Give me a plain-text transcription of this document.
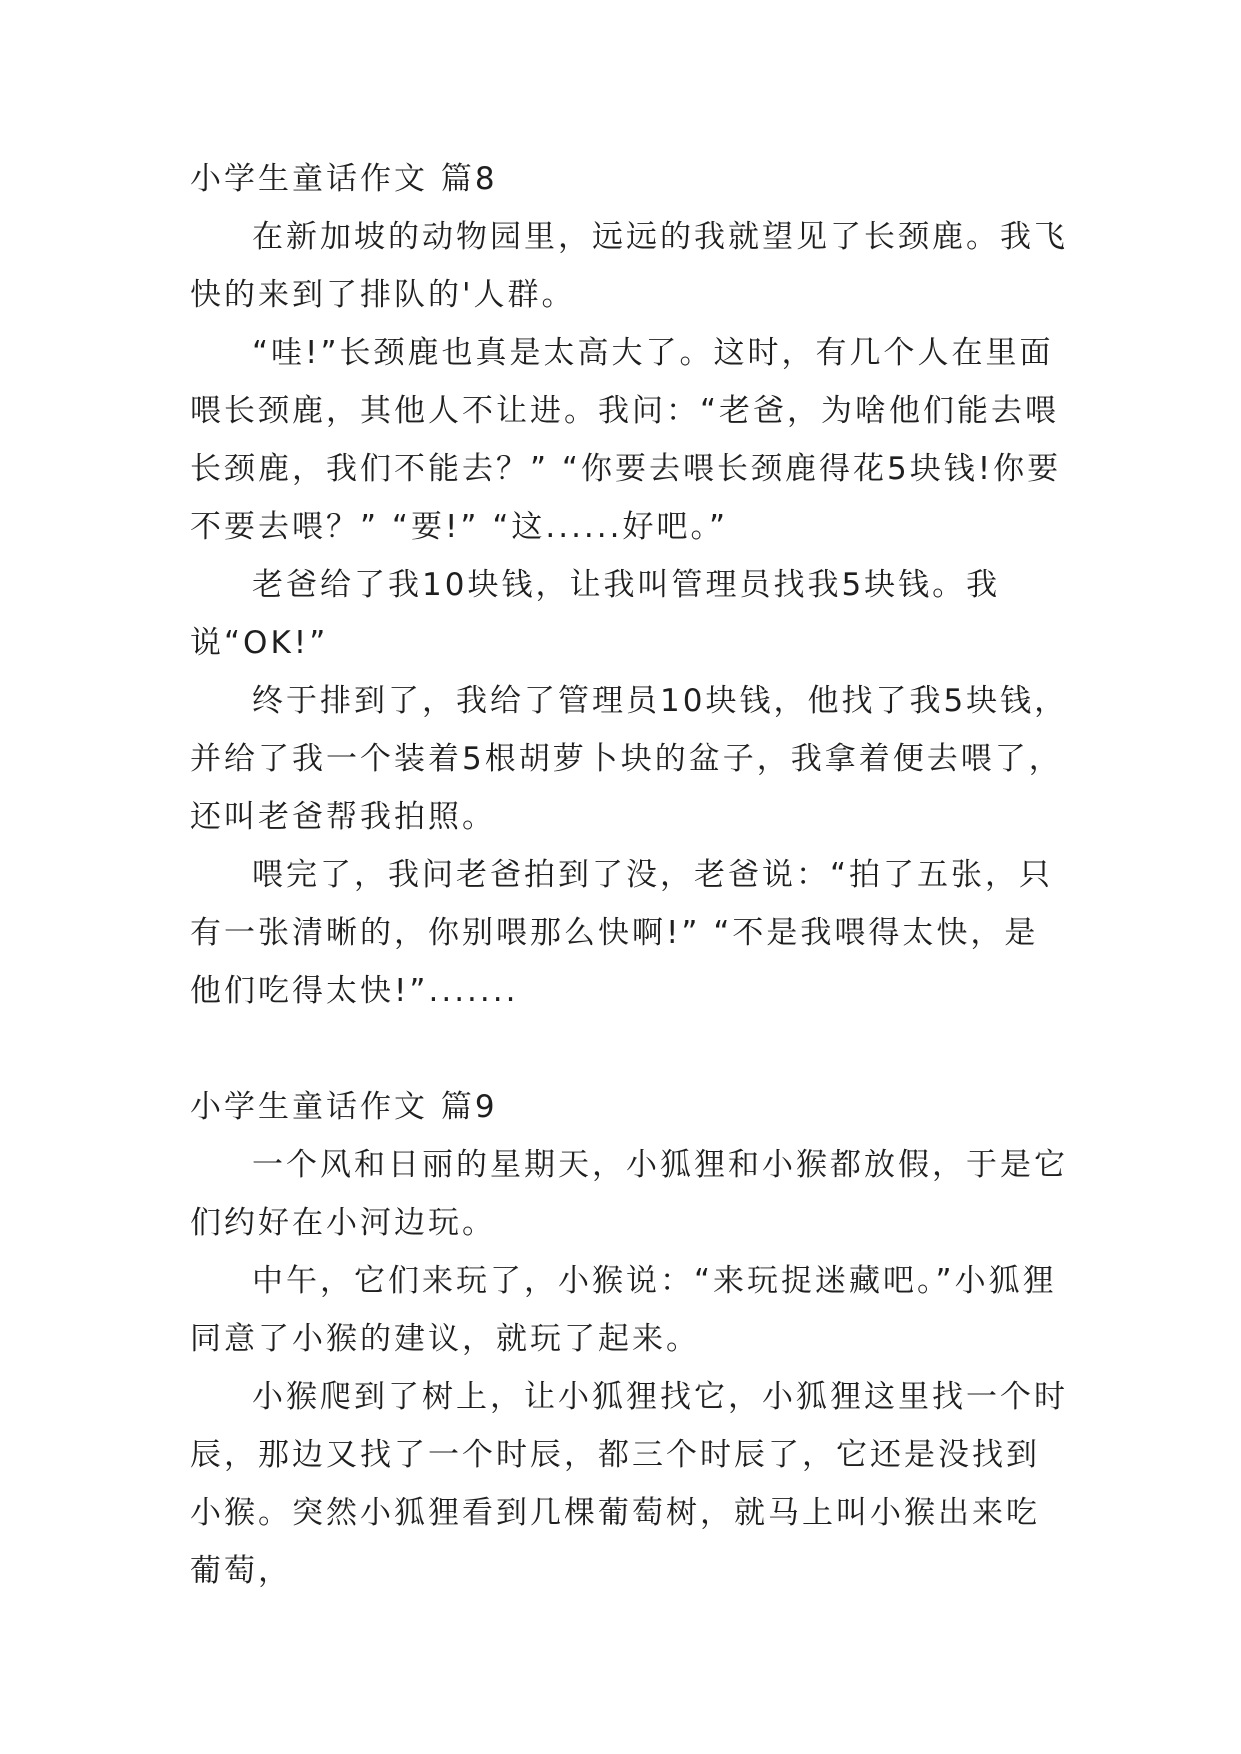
小学生童话作文 篇8

在新加坡的动物园里，远远的我就望见了长颈鹿。我飞快的来到了排队的'人群。

“哇!”长颈鹿也真是太高大了。这时，有几个人在里面喂长颈鹿，其他人不让进。我问：“老爸，为啥他们能去喂长颈鹿，我们不能去？” “你要去喂长颈鹿得花5块钱!你要不要去喂？” “要!” “这......好吧。”

老爸给了我10块钱，让我叫管理员找我5块钱。我说“OK!”

终于排到了，我给了管理员10块钱，他找了我5块钱，并给了我一个装着5根胡萝卜块的盆子，我拿着便去喂了，还叫老爸帮我拍照。

喂完了，我问老爸拍到了没，老爸说：“拍了五张，只有一张清晰的，你别喂那么快啊!” “不是我喂得太快，是他们吃得太快!”.......

小学生童话作文 篇9

一个风和日丽的星期天，小狐狸和小猴都放假，于是它们约好在小河边玩。

中午，它们来玩了，小猴说：“来玩捉迷藏吧。”小狐狸同意了小猴的建议，就玩了起来。

小猴爬到了树上，让小狐狸找它，小狐狸这里找一个时辰，那边又找了一个时辰，都三个时辰了，它还是没找到小猴。突然小狐狸看到几棵葡萄树，就马上叫小猴出来吃葡萄，
